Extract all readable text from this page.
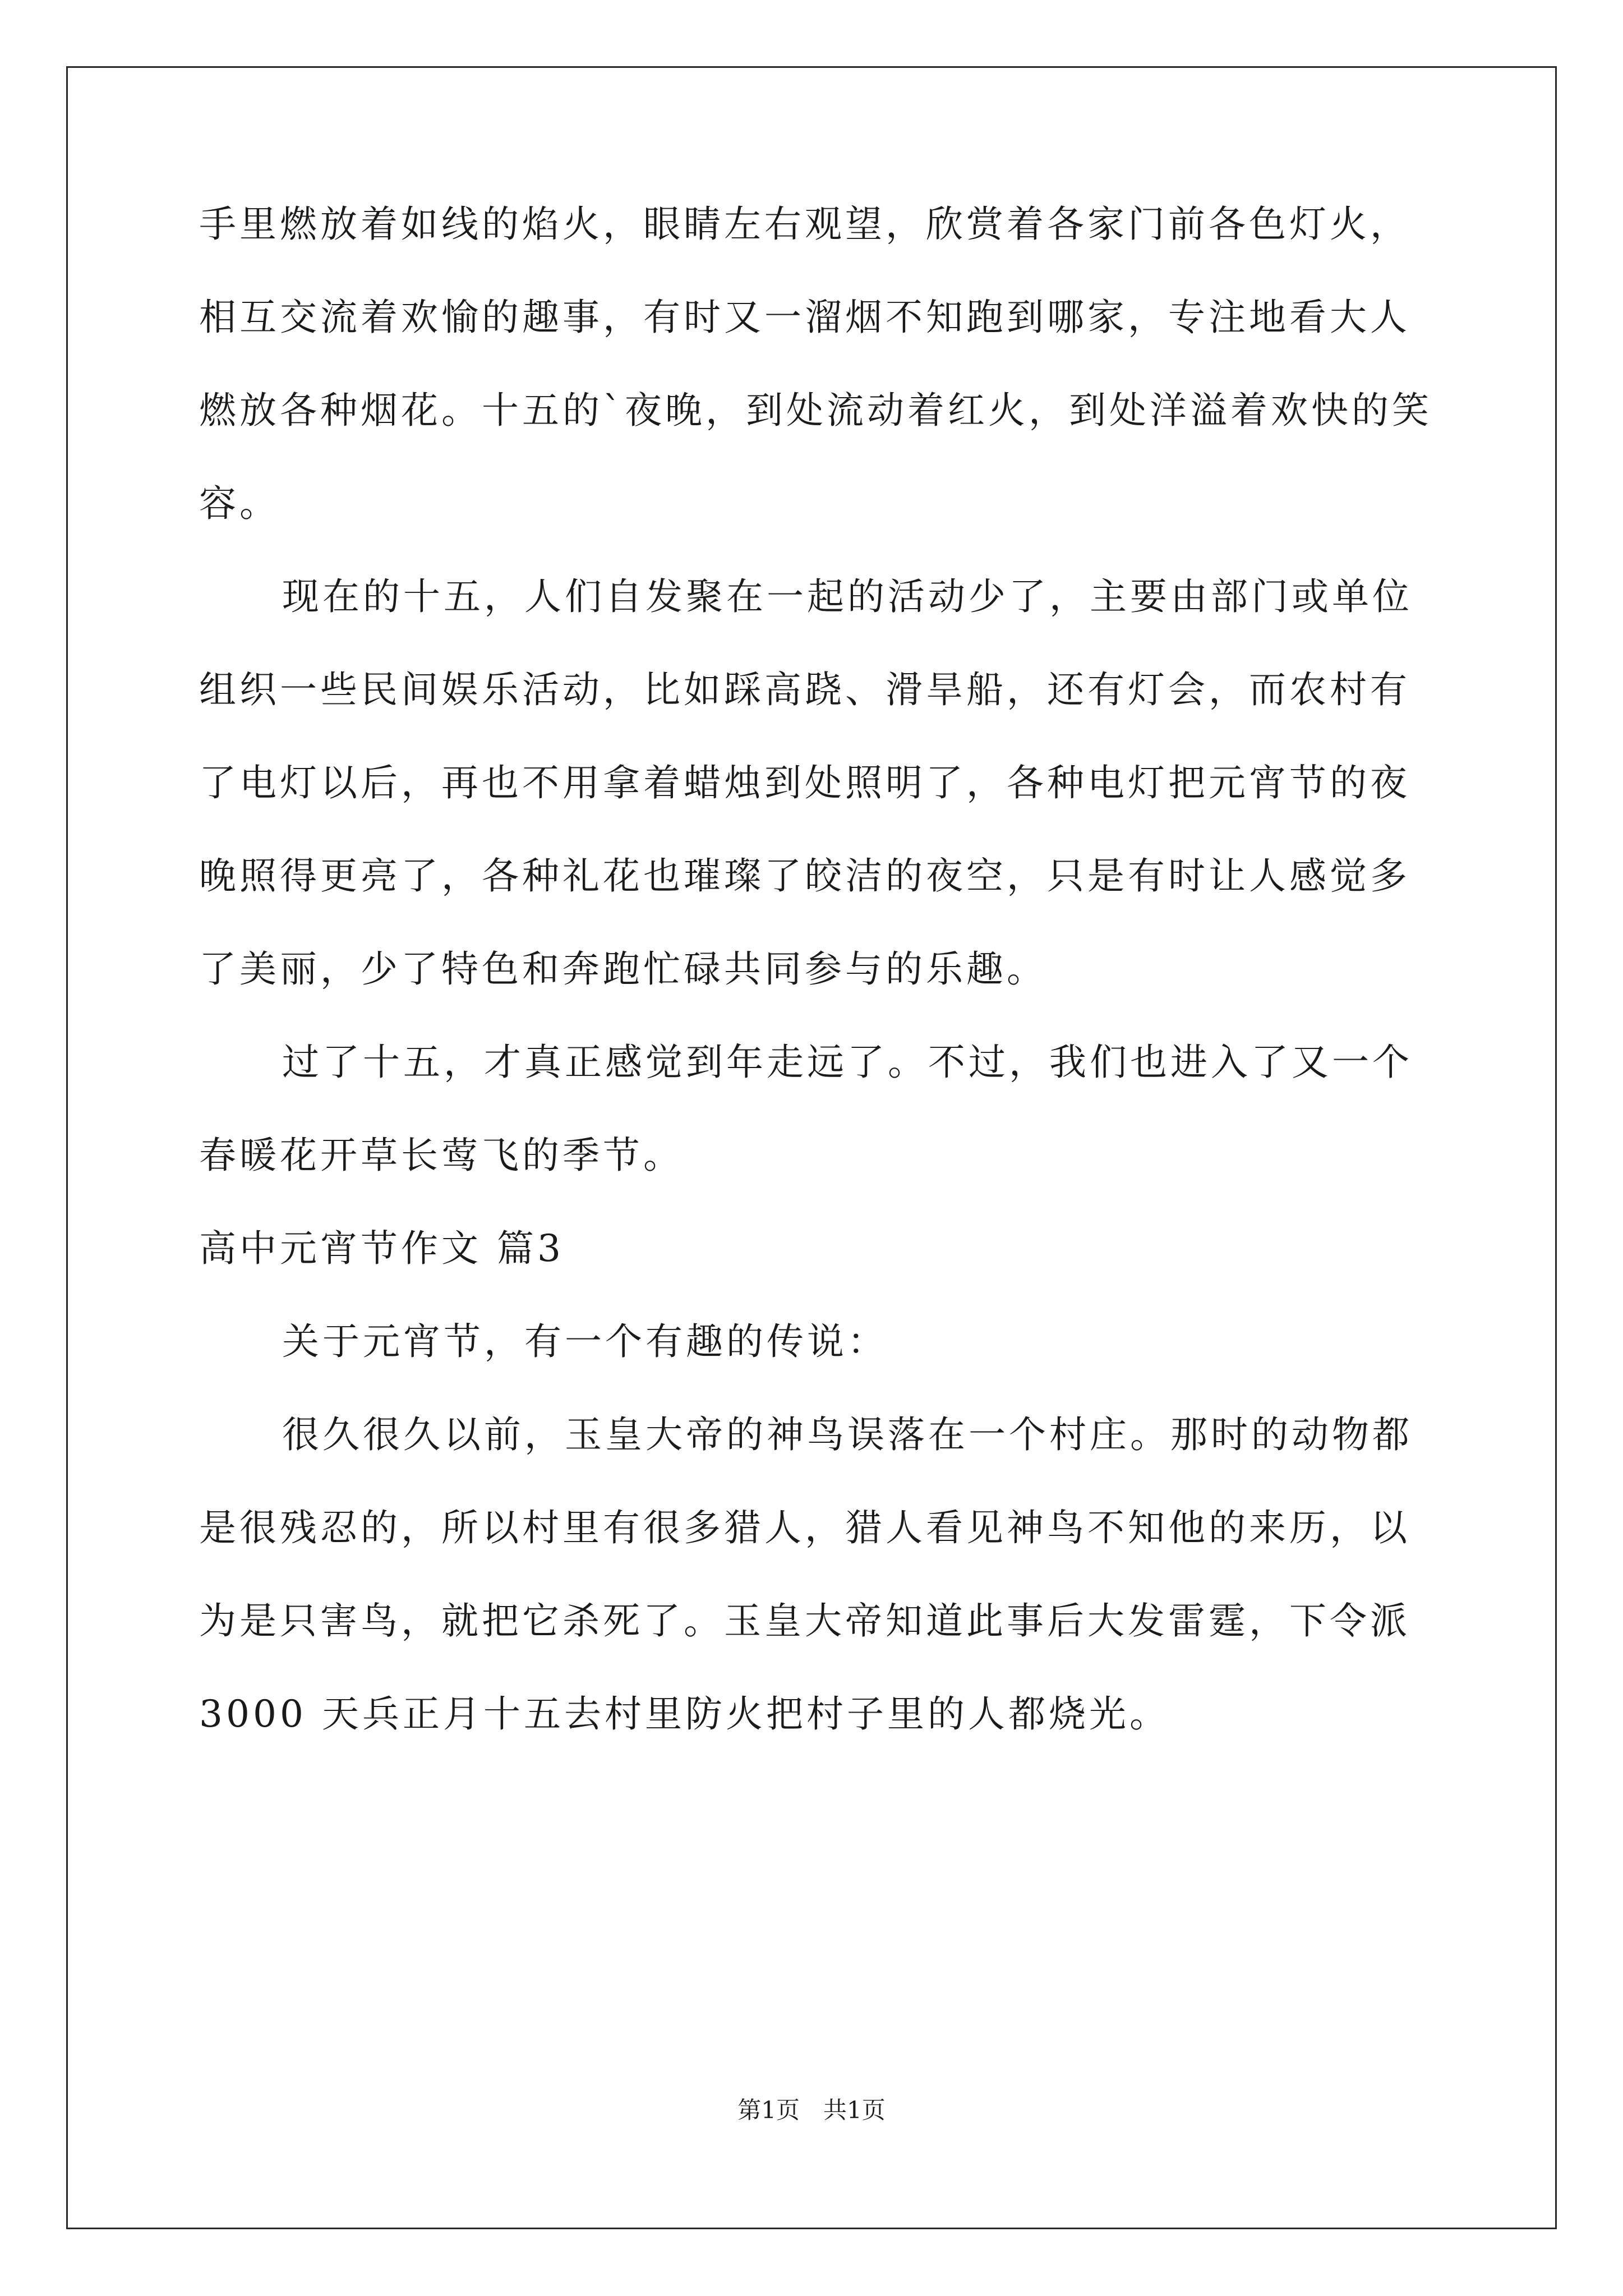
手里燃放着如线的焰火，眼睛左右观望，欣赏着各家门前各色灯火，
相互交流着欢愉的趣事，有时又一溜烟不知跑到哪家，专注地看大人
燃放各种烟花。十五的`夜晚，到处流动着红火，到处洋溢着欢快的笑
容。
现在的十五，人们自发聚在一起的活动少了，主要由部门或单位
组织一些民间娱乐活动，比如踩高跷、滑旱船，还有灯会，而农村有
了电灯以后，再也不用拿着蜡烛到处照明了，各种电灯把元宵节的夜
晚照得更亮了，各种礼花也璀璨了皎洁的夜空，只是有时让人感觉多
了美丽，少了特色和奔跑忙碌共同参与的乐趣。
过了十五，才真正感觉到年走远了。不过，我们也进入了又一个
春暖花开草长莺飞的季节。
高中元宵节作文 篇3
关于元宵节，有一个有趣的传说：
很久很久以前，玉皇大帝的神鸟误落在一个村庄。那时的动物都
是很残忍的，所以村里有很多猎人，猎人看见神鸟不知他的来历，以
为是只害鸟，就把它杀死了。玉皇大帝知道此事后大发雷霆，下令派
3000 天兵正月十五去村里防火把村子里的人都烧光。
第1页　共1页
